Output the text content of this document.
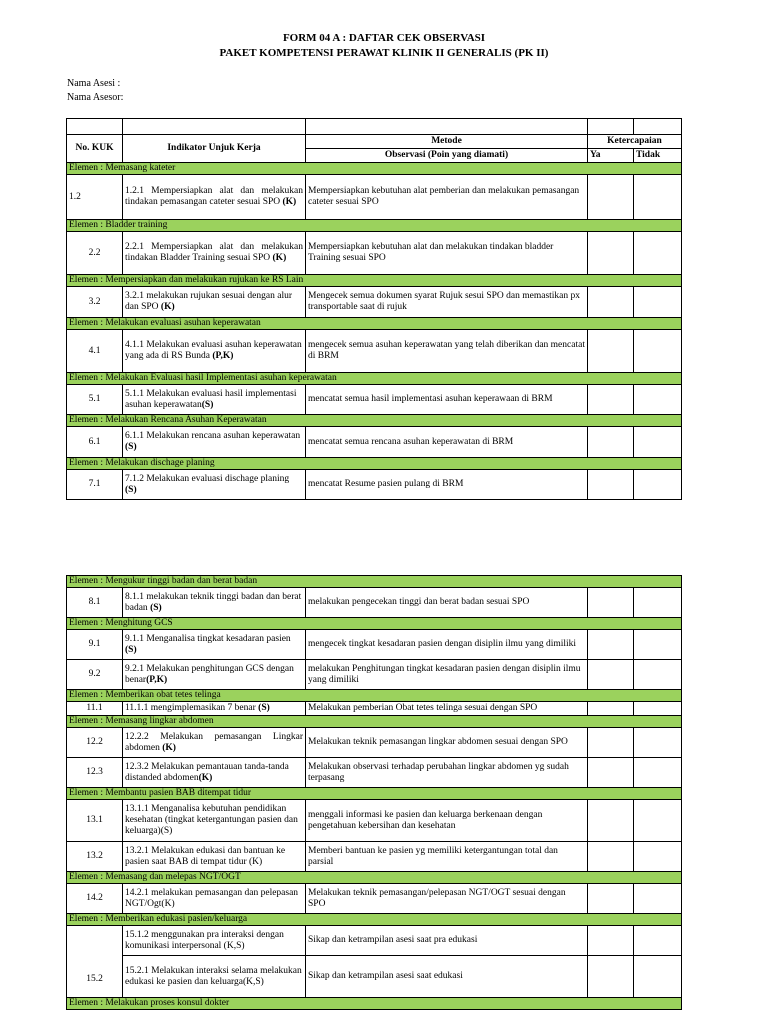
FORM 04 A : DAFTAR CEK OBSERVASI
PAKET KOMPETENSI PERAWAT KLINIK II GENERALIS (PK II)
Nama Asesi :
Nama Asesor:

No. KUK	Indikator Unjuk Kerja	Metode	Ketercapaian	
		Observasi (Poin yang diamati)	Ya	Tidak
Elemen : Memasang kateter				
1.2	1.2.1 Mempersiapkan alat dan melakukan tindakan pemasangan cateter sesuai SPO (K)	Mempersiapkan kebutuhan alat pemberian dan melakukan pemasangan cateter sesuai SPO		
Elemen : Bladder training				
2.2	2.2.1 Mempersiapkan alat dan melakukan tindakan Bladder Training sesuai SPO (K)	Mempersiapkan kebutuhan alat dan melakukan tindakan bladder Training sesuai SPO		
Elemen : Mempersiapkan dan melakukan rujukan ke RS Lain				
3.2	3.2.1 melakukan rujukan sesuai dengan alur dan SPO (K)	Mengecek semua dokumen syarat Rujuk sesui SPO dan memastikan px transportable saat di rujuk		
Elemen : Melakukan evaluasi asuhan keperawatan				
4.1	4.1.1 Melakukan evaluasi asuhan keperawatan yang ada di RS Bunda (P,K)	mengecek semua asuhan keperawatan yang telah diberikan dan mencatat di BRM		
Elemen : Melakukan Evaluasi hasil Implementasi asuhan keperawatan				
5.1	5.1.1 Melakukan evaluasi hasil implementasi asuhan keperawatan(S)	mencatat semua hasil implementasi asuhan keperawaan di BRM		
Elemen : Melakukan Rencana Asuhan Keperawatan				
6.1	6.1.1 Melakukan rencana asuhan keperawatan (S)	mencatat semua rencana asuhan keperawatan di BRM		
Elemen : Melakukan dischage planing				
7.1	7.1.2 Melakukan evaluasi dischage planing (S)	mencatat Resume pasien pulang di BRM		
Elemen : Mengukur tinggi badan dan berat badan				
8.1	8.1.1 melakukan teknik tinggi badan dan berat badan (S)	melakukan pengecekan tinggi dan berat badan sesuai SPO		
Elemen : Menghitung GCS				
9.1	9.1.1 Menganalisa tingkat kesadaran pasien (S)	mengecek tingkat kesadaran pasien dengan disiplin ilmu yang dimiliki		
9.2	9.2.1 Melakukan penghitungan GCS dengan benar(P,K)	melakukan Penghitungan tingkat kesadaran pasien dengan disiplin ilmu yang dimiliki		
Elemen : Memberikan obat tetes telinga				
11.1	11.1.1 mengimplemasikan 7 benar (S)	Melakukan pemberian Obat tetes telinga sesuai dengan SPO		
Elemen : Memasang lingkar abdomen				
12.2	12.2.2 Melakukan pemasangan Lingkar abdomen (K)	Melakukan teknik pemasangan lingkar abdomen sesuai dengan SPO		
12.3	12.3.2 Melakukan pemantauan tanda-tanda distanded abdomen(K)	Melakukan observasi terhadap perubahan lingkar abdomen yg sudah terpasang		
Elemen : Membantu pasien BAB ditempat tidur				
13.1	13.1.1 Menganalisa kebutuhan pendidikan kesehatan (tingkat ketergantungan pasien dan keluarga)(S)	menggali informasi ke pasien dan keluarga berkenaan dengan pengetahuan kebersihan dan kesehatan		
13.2	13.2.1 Melakukan edukasi dan bantuan ke pasien saat BAB di tempat tidur (K)	Memberi bantuan ke pasien yg memiliki ketergantungan total dan parsial		
Elemen : Memasang dan melepas NGT/OGT				
14.2	14.2.1 melakukan pemasangan dan pelepasan NGT/Ogt(K)	Melakukan teknik pemasangan/pelepasan NGT/OGT sesuai dengan SPO		
Elemen : Memberikan edukasi pasien/keluarga				
15.2	15.1.2 menggunakan pra interaksi dengan komunikasi interpersonal (K,S)	Sikap dan ketrampilan asesi saat pra edukasi		
	15.2.1 Melakukan interaksi selama melakukan edukasi ke pasien dan keluarga(K,S)	Sikap dan ketrampilan asesi saat edukasi		
Elemen : Melakukan proses konsul dokter				
